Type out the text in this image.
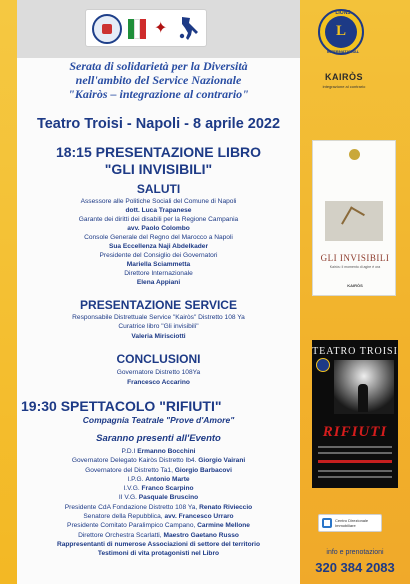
✦
Serata di solidarietà per la Diversità
nell'ambito del Service Nazionale
"Kairòs – integrazione al contrario"
Teatro Troisi - Napoli - 8 aprile 2022
18:15 PRESENTAZIONE LIBRO
"GLI INVISIBILI"
SALUTI
Assessore alle Politiche Sociali del Comune di Napoli
dott. Luca Trapanese
Garante dei diritti dei disabili per la Regione Campania
avv. Paolo Colombo
Console Generale del Regno del Marocco a Napoli
Sua Eccellenza Naji Abdelkader
Presidente del Consiglio dei Governatori
Mariella Sciammetta
Direttore Internazionale
Elena Appiani
PRESENTAZIONE SERVICE
Responsabile Distrettuale Service "Kairòs" Distretto 108 Ya
Curatrice libro "Gli invisibili"
Valeria Mirisciotti
CONCLUSIONI
Governatore Distretto 108Ya
Francesco Accarino
19:30 SPETTACOLO "RIFIUTI"
Compagnia Teatrale "Prove d'Amore"
Saranno presenti all'Evento
P.D.I Ermanno Bocchini
Governatore Delegato Kairòs Distretto Ib4. Giorgio Vairani
Governatore del Distretto Ta1, Giorgio Barbacovi
I.P.G. Antonio Marte
I.V.G. Franco Scarpino
II V.G. Pasquale Bruscino
Presidente CdA Fondazione Distretto 108 Ya, Renato Rivieccio
Senatore della Repubblica, avv. Francesco Urraro
Presidente Comitato Paralimpico Campano, Carmine Mellone
Direttore Orchestra Scarlatti, Maestro Gaetano Russo
Rappresentanti di numerose Associazioni di settore del territorio
Testimoni di vita protagonisti nel Libro
L
LIONS
INTERNATIONAL
KAIRÒS
integrazione al contrario
GLI INVISIBILI
Kairòs: il momento di agire è ora
KAIRÒS
TEATRO TROISI
RIFIUTI
Centro Direzionale
Immobiliare
info e prenotazioni
320 384 2083
